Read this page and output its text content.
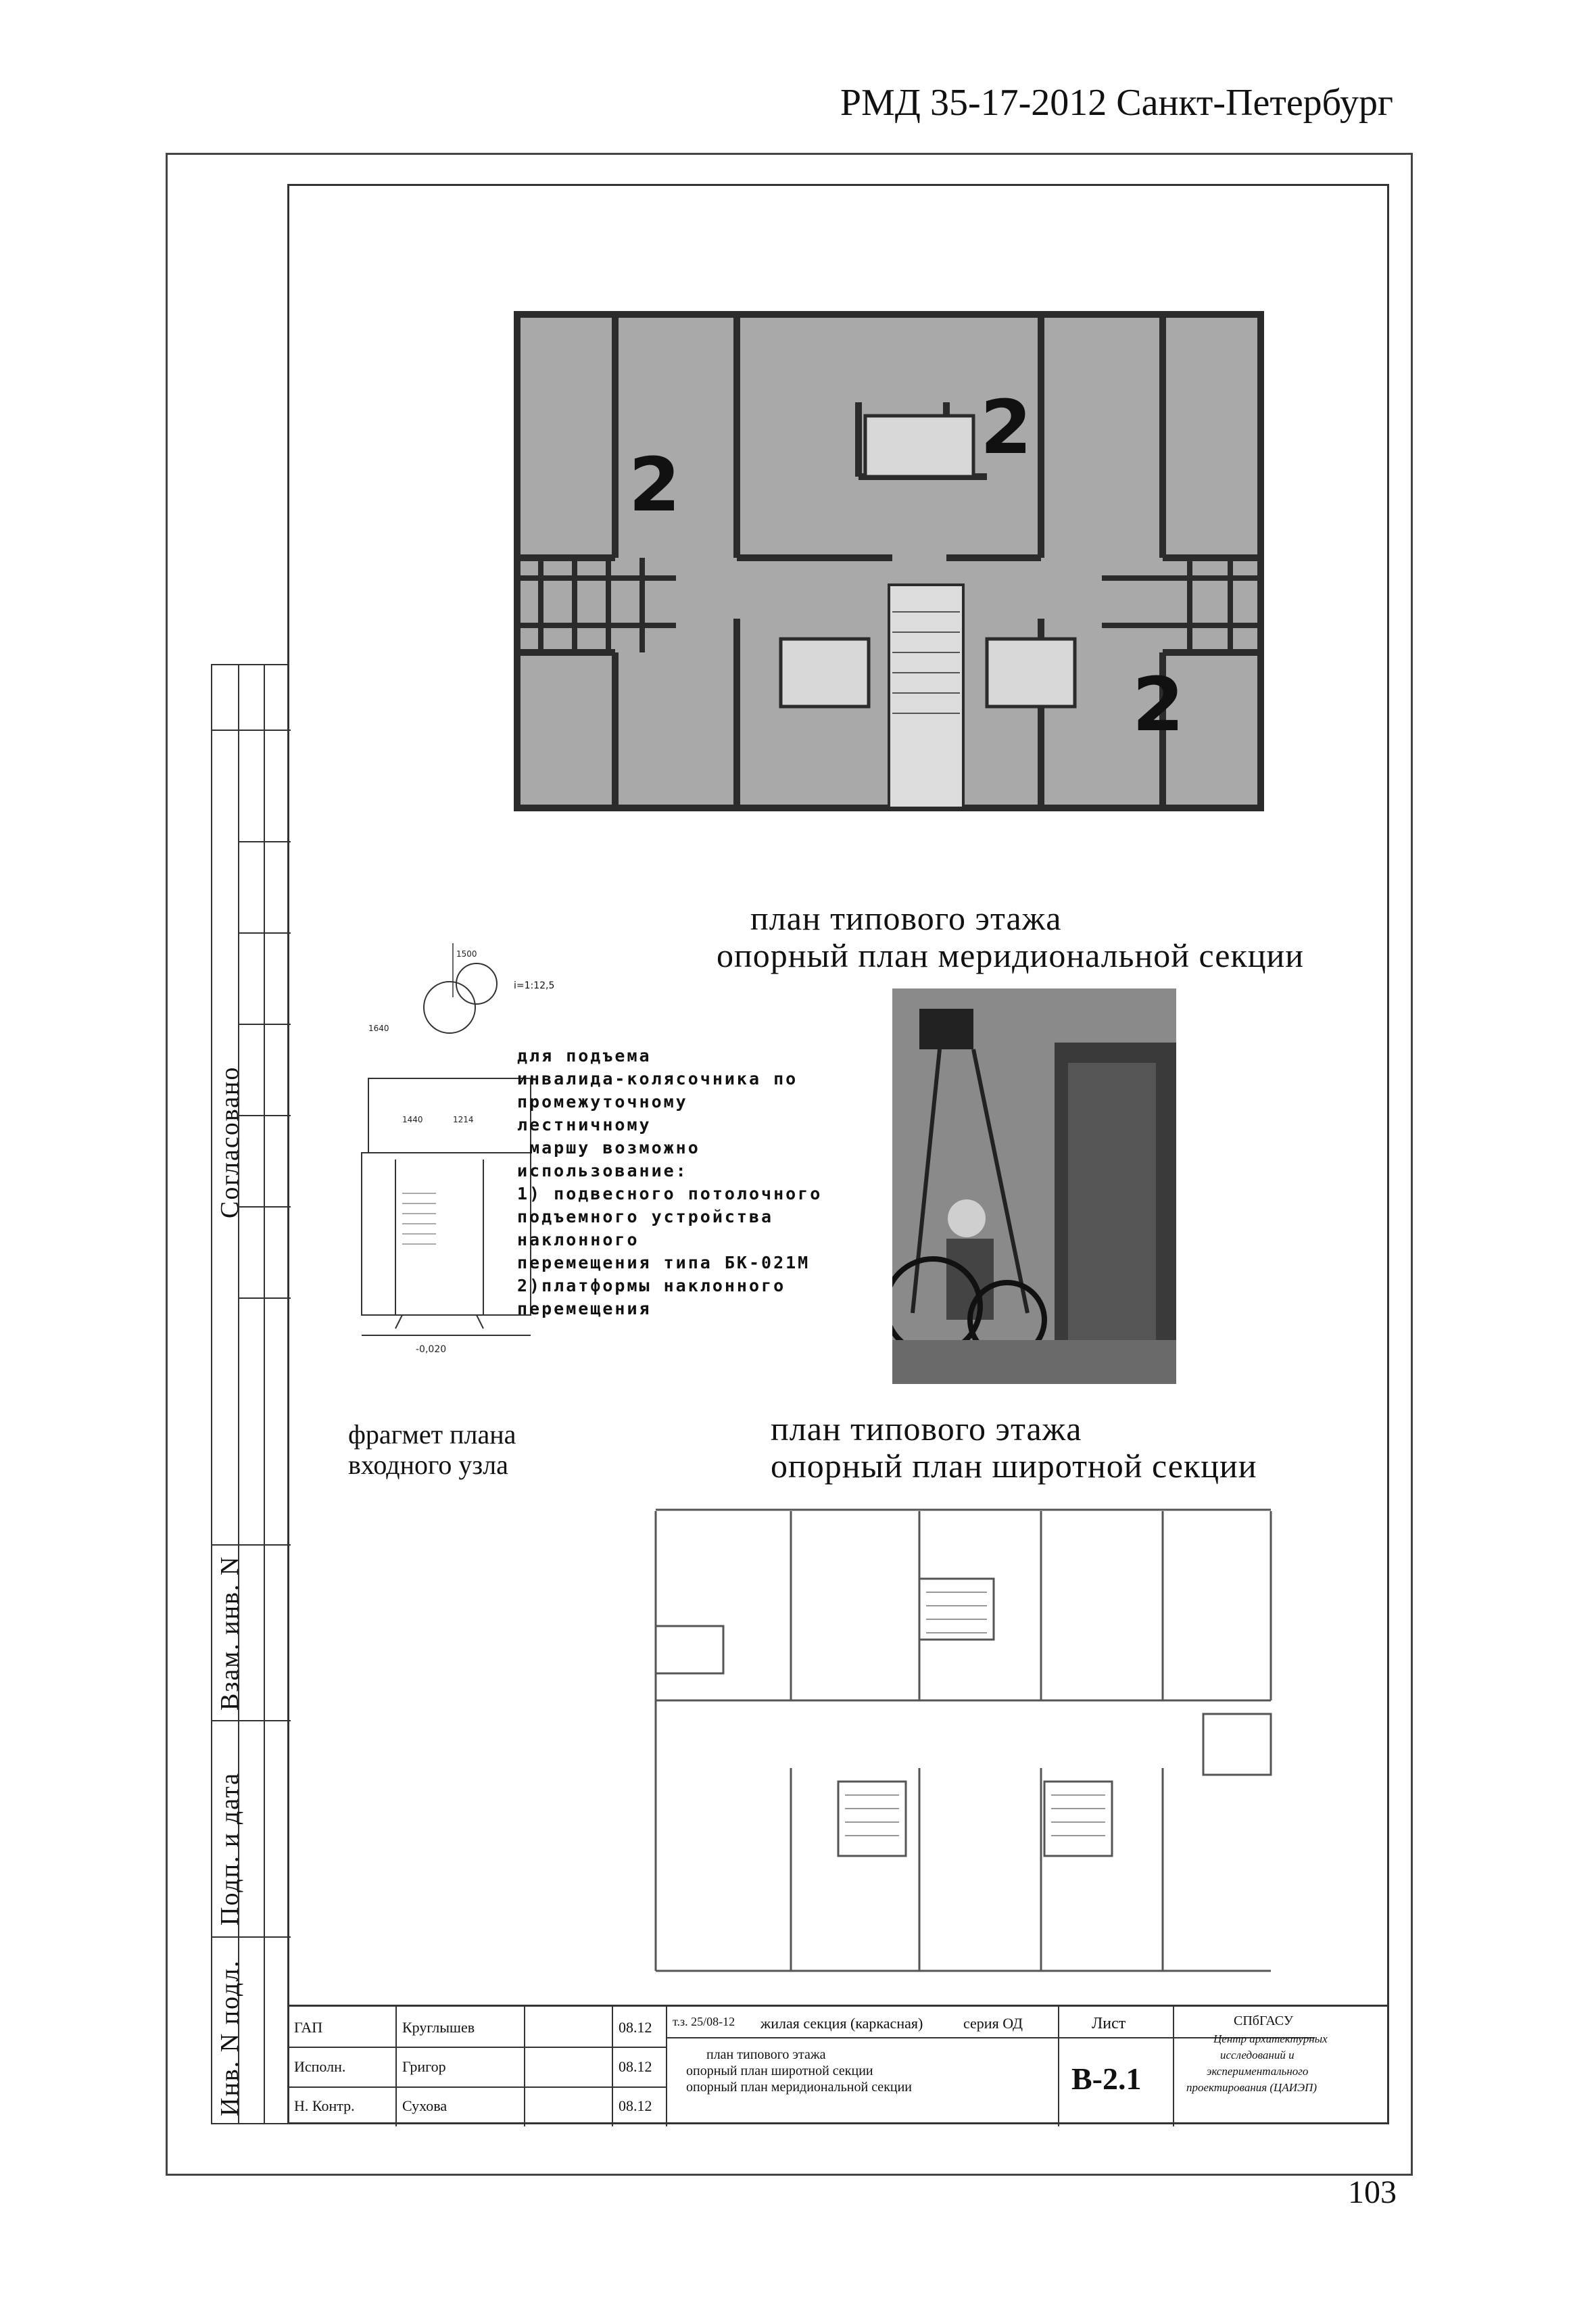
РМД 35-17-2012 Санкт-Петербург
Согласовано
Взам. инв. N
Подп. и дата
Инв. N подл.
2
2
2
план типового этажа
опорный план меридиональной секции
1500
1640
1440	1214
-0,020
i=1:12,5
фрагмет плана
входного узла
для подъема
инвалида-колясочника по
промежуточному
лестничному
маршу возможно
использование:
1) подвесного потолочного
подъемного устройства
наклонного
перемещения типа БК-021М
2)платформы наклонного
перемещения
план типового этажа
опорный план широтной секции
ГАП	Круглышев	08.12
Исполн.	Григор	08.12
Н. Контр.	Сухова	08.12
т.з. 25/08-12 жилая секция (каркасная)	серия ОД
план типового этажа
опорный план широтной секции
опорный план меридиональной секции
Лист
В-2.1
СПбГАСУ
Центр архитектурных
исследований и
экспериментального
проектирования (ЦАИЭП)
103
